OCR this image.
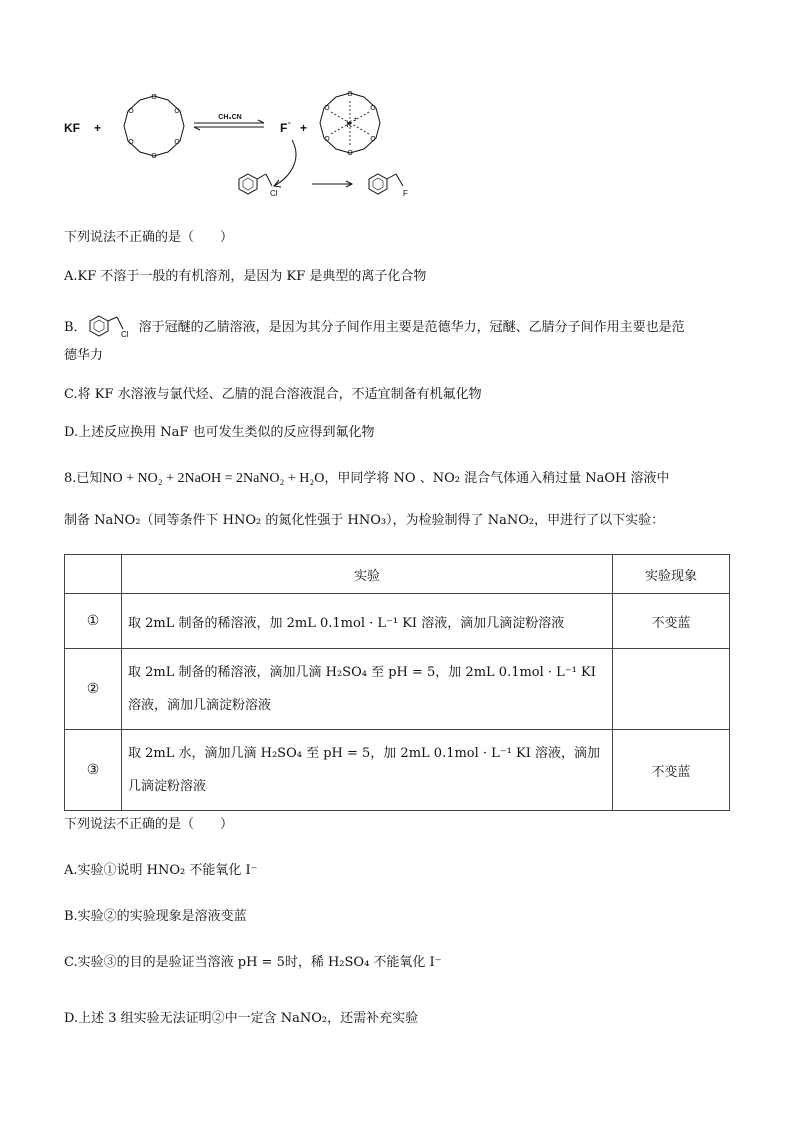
KF +
O
O
O
O
O
O
CH₃CN
F - +	K
+
O
O
O
O
O
O
Cl	F
下列说法不正确的是（　　）
A.KF 不溶于一般的有机溶剂，是因为 KF 是典型的离子化合物
B．	Cl 溶于冠醚的乙腈溶液，是因为其分子间作用主要是范德华力，冠醚、乙腈分子间作用主要也是范
德华力
C.将 KF 水溶液与氯代烃、乙腈的混合溶液混合，不适宜制备有机氟化物
D.上述反应换用 NaF 也可发生类似的反应得到氟化物
8.已知NO + NO₂ + 2NaOH = 2NaNO₂ + H₂O，甲同学将 NO 、NO₂ 混合气体通入稍过量 NaOH 溶液中
制备 NaNO₂（同等条件下 HNO₂ 的氮化性强于 HNO₃），为检验制得了 NaNO₂，甲进行了以下实验：
	实验	实验现象
①	取 2mL 制备的稀溶液，加 2mL 0.1mol · L⁻¹ KI 溶液，滴加几滴淀粉溶液	不变蓝
②	取 2mL 制备的稀溶液，滴加几滴 H₂SO₄ 至 pH = 5，加 2mL 0.1mol · L⁻¹ KI
溶液，滴加几滴淀粉溶液	

③	取 2mL 水，滴加几滴 H₂SO₄ 至 pH = 5，加 2mL 0.1mol · L⁻¹ KI 溶液，滴加
几滴淀粉溶液	不变蓝
下列说法不正确的是（　　）
A.实验①说明 HNO₂ 不能氧化 I⁻
B.实验②的实验现象是溶液变蓝
C.实验③的目的是验证当溶液 pH = 5时，稀 H₂SO₄ 不能氧化 I⁻
D.上述 3 组实验无法证明②中一定含 NaNO₂，还需补充实验
